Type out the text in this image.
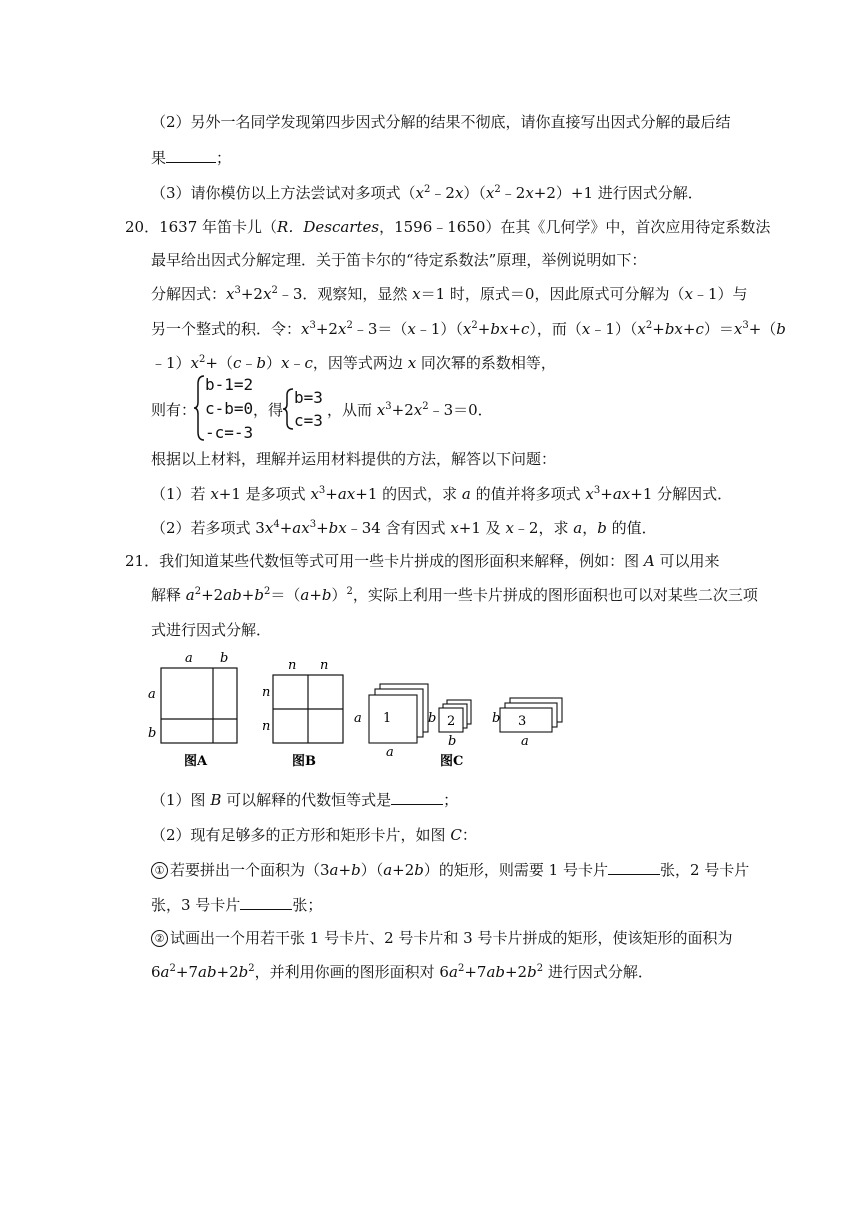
（2）另外一名同学发现第四步因式分解的结果不彻底，请你直接写出因式分解的最后结
果	；
（3）请你模仿以上方法尝试对多项式$(x^2﹣2x)(x^2﹣2x+2)+1$ 进行因式分解．
20．1637 年笛卡儿（R．Descartes，1596﹣1650）在其《几何学》中，首次应用待定系数法
最早给出因式分解定理．关于笛卡尔的“待定系数法”原理，举例说明如下：
分解因式：$x^3+2x^2﹣3$．观察知，显然 x＝1 时，原式＝0，因此原式可分解为（x﹣1）与
另一个整式的积．令：$x^3+2x^2﹣3=(x﹣1)(x^2+bx+c)$，而$(x﹣1)(x^2+bx+c)=x^3+(b$
$﹣1)x^2+(c﹣b)x﹣c$，因等式两边 x 同次幂的系数相等，
则有：
b-1=2
c-b=0
-c=-3
，得
b=3
c=3
，从而 $x^3+2x^2﹣3=0$．
根据以上材料，理解并运用材料提供的方法，解答以下问题：
（1）若 x+1 是多项式 $x^3+ax+1$ 的因式，求 a 的值并将多项式 $x^3+ax+1$ 分解因式．
（2）若多项式 $3x^4+ax^3+bx﹣34$ 含有因式 x+1 及 x﹣2，求 a，b 的值．
21．我们知道某些代数恒等式可用一些卡片拼成的图形面积来解释，例如：图 A 可以用来
解释 $a^2+2ab+b^2=(a+b)^2$，实际上利用一些卡片拼成的图形面积也可以对某些二次三项
式进行因式分解．
a b
a
b
图A
n n
n
n
图B
1
a
a
2
b
b
3
b
a
图C
（1）图 B 可以解释的代数恒等式是	；
（2）现有足够多的正方形和矩形卡片，如图 C：
① 若要拼出一个面积为（3a+b）（a+2b）的矩形，则需要 1 号卡片	张，2 号卡片
张，3 号卡片	张；
② 试画出一个用若干张 1 号卡片、2 号卡片和 3 号卡片拼成的矩形，使该矩形的面积为
$6a^2+7ab+2b^2$，并利用你画的图形面积对 $6a^2+7ab+2b^2$ 进行因式分解．
